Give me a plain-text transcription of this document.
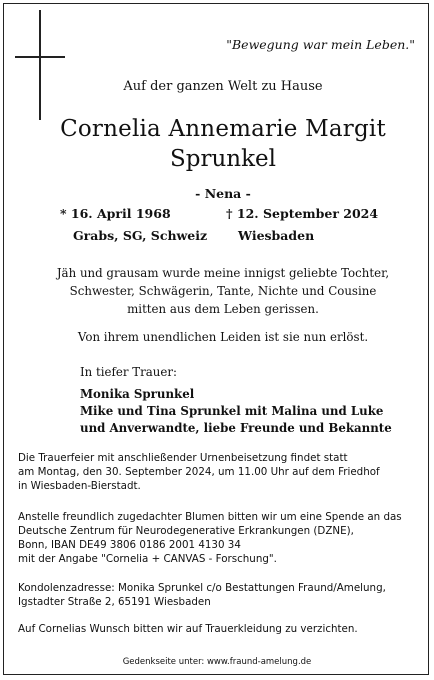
"Bewegung war mein Leben."
Auf der ganzen Welt zu Hause
Cornelia Annemarie Margit
Sprunkel
- Nena -
* 16. April 1968	† 12. September 2024
Grabs, SG, Schweiz Wiesbaden
Jäh und grausam wurde meine innigst geliebte Tochter,
Schwester, Schwägerin, Tante, Nichte und Cousine
mitten aus dem Leben gerissen.
Von ihrem unendlichen Leiden ist sie nun erlöst.
In tiefer Trauer:
Monika Sprunkel
Mike und Tina Sprunkel mit Malina und Luke
und Anverwandte, liebe Freunde und Bekannte
Die Trauerfeier mit anschließender Urnenbeisetzung findet statt
am Montag, den 30. September 2024, um 11.00 Uhr auf dem Friedhof
in Wiesbaden-Bierstadt.
Anstelle freundlich zugedachter Blumen bitten wir um eine Spende an das
Deutsche Zentrum für Neurodegenerative Erkrankungen (DZNE),
Bonn, IBAN DE49 3806 0186 2001 4130 34
mit der Angabe "Cornelia + CANVAS - Forschung".
Kondolenzadresse: Monika Sprunkel c/o Bestattungen Fraund/Amelung,
Igstadter Straße 2, 65191 Wiesbaden
Auf Cornelias Wunsch bitten wir auf Trauerkleidung zu verzichten.
Gedenkseite unter: www.fraund-amelung.de
